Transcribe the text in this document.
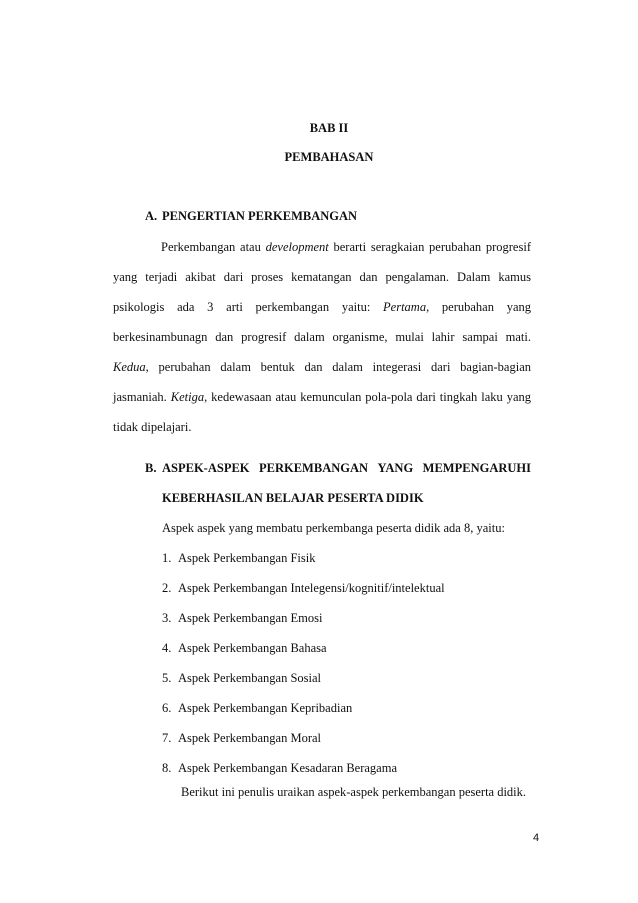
BAB II
PEMBAHASAN
A. PENGERTIAN PERKEMBANGAN
Perkembangan atau development berarti seragkaian perubahan progresif
yang terjadi akibat dari proses kematangan dan pengalaman. Dalam kamus
psikologis ada 3 arti perkembangan yaitu: Pertama, perubahan yang
berkesinambunagn dan progresif dalam organisme, mulai lahir sampai mati.
Kedua, perubahan dalam bentuk dan dalam integerasi dari bagian-bagian
jasmaniah. Ketiga, kedewasaan atau kemunculan pola-pola dari tingkah laku yang
tidak dipelajari.
B. ASPEK-ASPEK PERKEMBANGAN YANG MEMPENGARUHI
KEBERHASILAN BELAJAR PESERTA DIDIK
Aspek aspek yang membatu perkembanga peserta didik ada 8, yaitu:
1. Aspek Perkembangan Fisik
2. Aspek Perkembangan Intelegensi/kognitif/intelektual
3. Aspek Perkembangan Emosi
4. Aspek Perkembangan Bahasa
5. Aspek Perkembangan Sosial
6. Aspek Perkembangan Kepribadian
7. Aspek Perkembangan Moral
8. Aspek Perkembangan Kesadaran Beragama
Berikut ini penulis uraikan aspek-aspek perkembangan peserta didik.
4
